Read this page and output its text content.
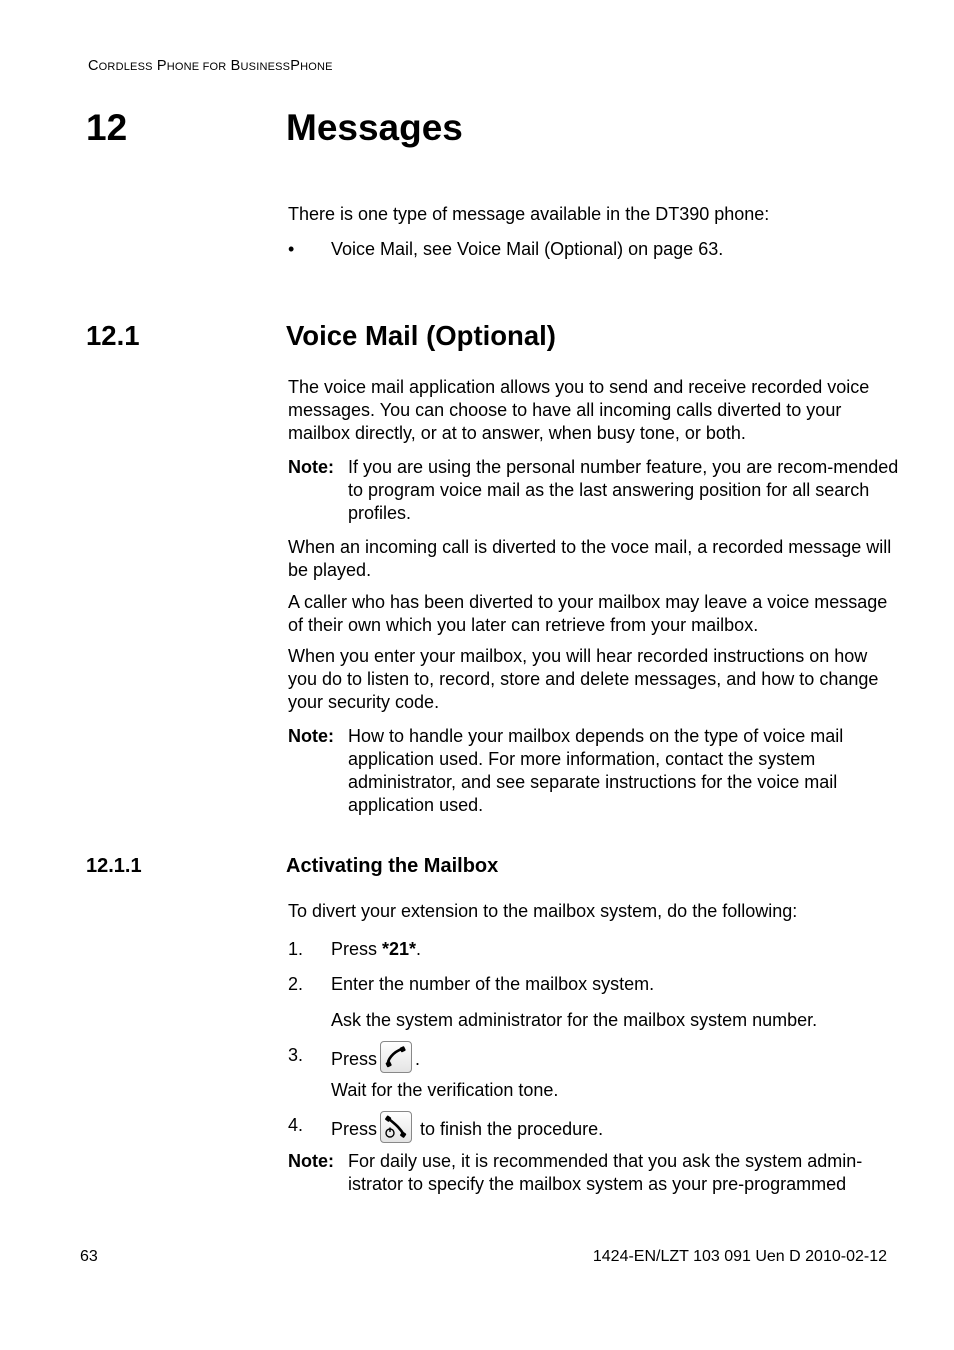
CORDLESS PHONE FOR BUSINESSPHONE
12	Messages
There is one type of message available in the DT390 phone:
• Voice Mail, see Voice Mail (Optional) on page 63.
12.1	Voice Mail (Optional)
The voice mail application allows you to send and receive recorded voice messages. You can choose to have all incoming calls diverted to your mailbox directly, or at to answer, when busy tone, or both.
Note: If you are using the personal number feature, you are recom-mended to program voice mail as the last answering position for all search profiles.
When an incoming call is diverted to the voce mail, a recorded message will be played.
A caller who has been diverted to your mailbox may leave a voice message of their own which you later can retrieve from your mailbox.
When you enter your mailbox, you will hear recorded instructions on how you do to listen to, record, store and delete messages, and how to change your security code.
Note: How to handle your mailbox depends on the type of voice mail application used. For more information, contact the system administrator, and see separate instructions for the voice mail application used.
12.1.1	Activating the Mailbox
To divert your extension to the mailbox system, do the following:
1. Press *21*.
2. Enter the number of the mailbox system.
Ask the system administrator for the mailbox system number.
3. Press .
Wait for the verification tone.
4. Press to finish the procedure.
Note: For daily use, it is recommended that you ask the system admin-istrator to specify the mailbox system as your pre-programmed
63	1424-EN/LZT 103 091 Uen D 2010-02-12
